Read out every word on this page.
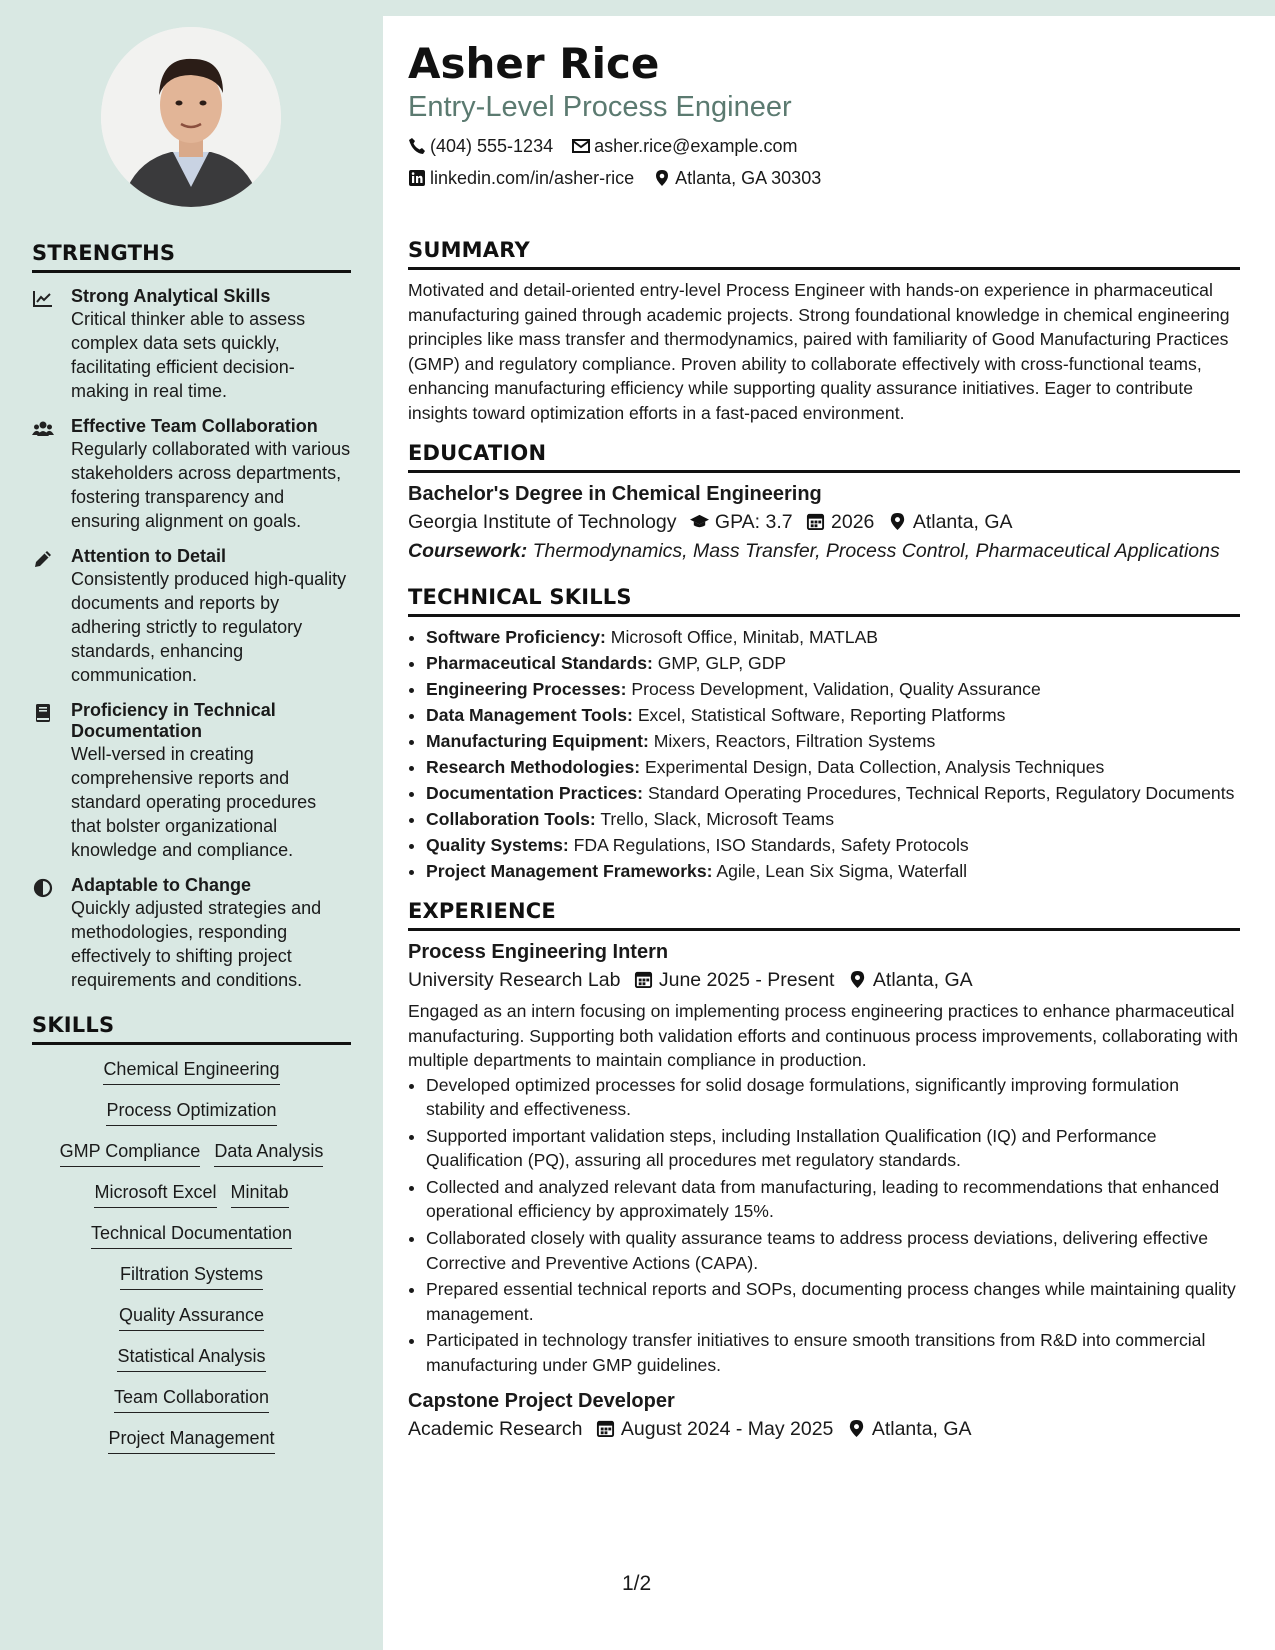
STRENGTHS
Strong Analytical Skills
Critical thinker able to assess complex data sets quickly, facilitating efficient decision-making in real time.
Effective Team Collaboration
Regularly collaborated with various stakeholders across departments, fostering transparency and ensuring alignment on goals.
Attention to Detail
Consistently produced high-quality documents and reports by adhering strictly to regulatory standards, enhancing communication.
Proficiency in Technical Documentation
Well-versed in creating comprehensive reports and standard operating procedures that bolster organizational knowledge and compliance.
Adaptable to Change
Quickly adjusted strategies and methodologies, responding effectively to shifting project requirements and conditions.
SKILLS
Chemical Engineering
Process Optimization
GMP Compliance Data Analysis
Microsoft Excel Minitab
Technical Documentation
Filtration Systems
Quality Assurance
Statistical Analysis
Team Collaboration
Project Management
Asher Rice
Entry-Level Process Engineer
(404) 555-1234 asher.rice@example.com
linkedin.com/in/asher-rice Atlanta, GA 30303
SUMMARY

Motivated and detail-oriented entry-level Process Engineer with hands-on experience in pharmaceutical manufacturing gained through academic projects. Strong foundational knowledge in chemical engineering principles like mass transfer and thermodynamics, paired with familiarity of Good Manufacturing Practices (GMP) and regulatory compliance. Proven ability to collaborate effectively with cross-functional teams, enhancing manufacturing efficiency while supporting quality assurance initiatives. Eager to contribute insights toward optimization efforts in a fast-paced environment.

EDUCATION
Bachelor's Degree in Chemical Engineering
Georgia Institute of Technology GPA: 3.7 2026 Atlanta, GA
Coursework: Thermodynamics, Mass Transfer, Process Control, Pharmaceutical Applications
TECHNICAL SKILLS
• Software Proficiency: Microsoft Office, Minitab, MATLAB
• Pharmaceutical Standards: GMP, GLP, GDP
• Engineering Processes: Process Development, Validation, Quality Assurance
• Data Management Tools: Excel, Statistical Software, Reporting Platforms
• Manufacturing Equipment: Mixers, Reactors, Filtration Systems
• Research Methodologies: Experimental Design, Data Collection, Analysis Techniques
• Documentation Practices: Standard Operating Procedures, Technical Reports, Regulatory Documents
• Collaboration Tools: Trello, Slack, Microsoft Teams
• Quality Systems: FDA Regulations, ISO Standards, Safety Protocols
• Project Management Frameworks: Agile, Lean Six Sigma, Waterfall
EXPERIENCE
Process Engineering Intern
University Research Lab June 2025 - Present Atlanta, GA

Engaged as an intern focusing on implementing process engineering practices to enhance pharmaceutical manufacturing. Supporting both validation efforts and continuous process improvements, collaborating with multiple departments to maintain compliance in production.

• Developed optimized processes for solid dosage formulations, significantly improving formulation stability and effectiveness.
• Supported important validation steps, including Installation Qualification (IQ) and Performance Qualification (PQ), assuring all procedures met regulatory standards.
• Collected and analyzed relevant data from manufacturing, leading to recommendations that enhanced operational efficiency by approximately 15%.
• Collaborated closely with quality assurance teams to address process deviations, delivering effective Corrective and Preventive Actions (CAPA).
• Prepared essential technical reports and SOPs, documenting process changes while maintaining quality management.
• Participated in technology transfer initiatives to ensure smooth transitions from R&D into commercial manufacturing under GMP guidelines.
Capstone Project Developer
Academic Research August 2024 - May 2025 Atlanta, GA
1/2
